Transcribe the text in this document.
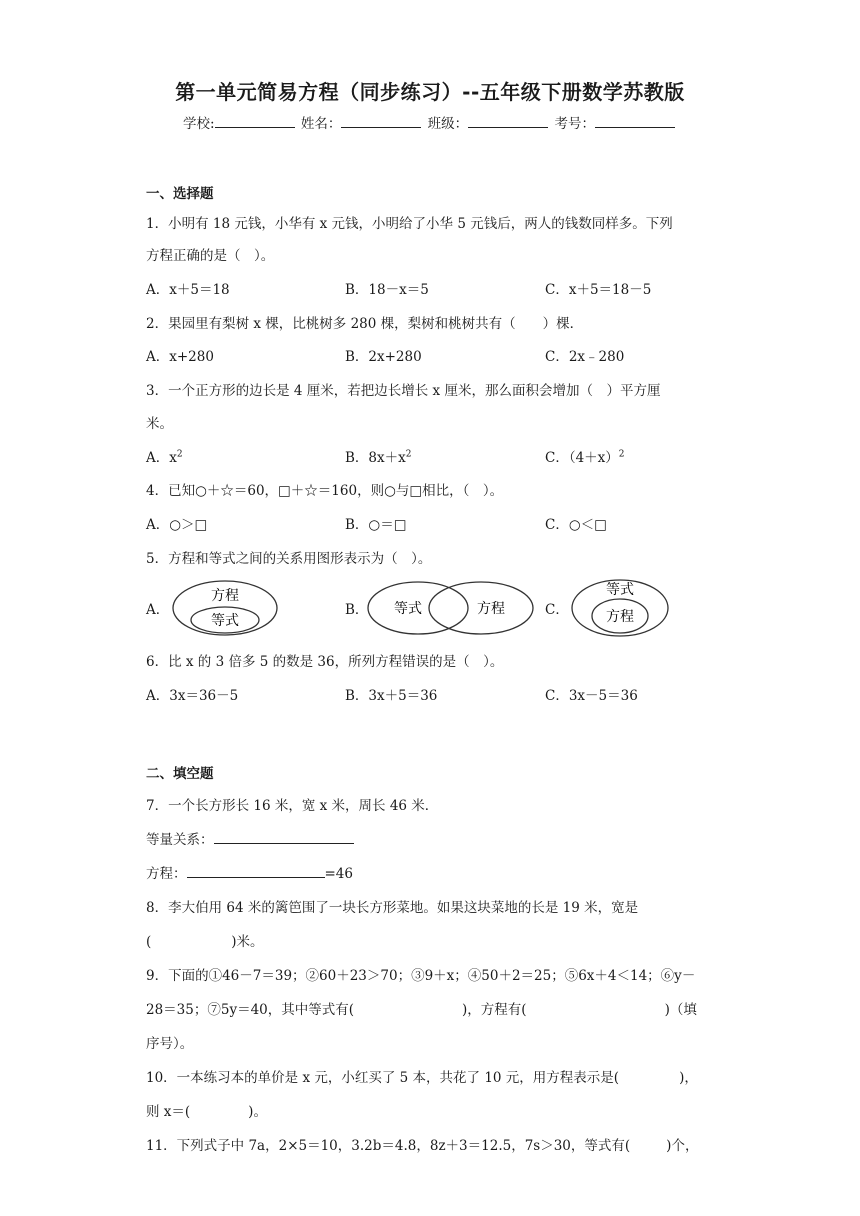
第一单元简易方程（同步练习）--五年级下册数学苏教版
学校:	姓名：	班级：	考号：
一、选择题
1．小明有 18 元钱，小华有 x 元钱，小明给了小华 5 元钱后，两人的钱数同样多。下列
方程正确的是（　）。
A．x＋5＝18	B．18－x＝5	C．x＋5＝18－5
2．果园里有梨树 x 棵，比桃树多 280 棵，梨树和桃树共有（　　）棵．
A．x+280	B．2x+280	C．2x﹣280
3．一个正方形的边长是 4 厘米，若把边长增长 x 厘米，那么面积会增加（　）平方厘
米。
A．$x^2$	B．$8x+x^2$	C．$(4+x)^2$
4．已知○＋☆＝60，□＋☆＝160，则○与□相比，（　）。
A．○＞□	B．○＝□	C．○＜□
5．方程和等式之间的关系用图形表示为（　）。
A．
方程
等式
B． 等式	方程	C．
等式
方程
6．比 x 的 3 倍多 5 的数是 36，所列方程错误的是（　）。
A．3x＝36－5	B．3x＋5＝36	C．3x－5＝36
二、填空题
7．一个长方形长 16 米，宽 x 米，周长 46 米．
等量关系：
方程：	=46
8．李大伯用 64 米的篱笆围了一块长方形菜地。如果这块菜地的长是 19 米，宽是
(	)米。
9．下面的①46－7＝39；②60＋23＞70；③9＋x；④50＋2＝25；⑤6x＋4＜14；⑥y－
28＝35；⑦5y＝40，其中等式有(	)，方程有(	)（填
序号）。
10．一本练习本的单价是 x 元，小红买了 5 本，共花了 10 元，用方程表示是(	)，
则 x＝(	)。
11．下列式子中 7a，2×5＝10，3.2b＝4.8，8z＋3＝12.5，7s＞30，等式有(	)个，
